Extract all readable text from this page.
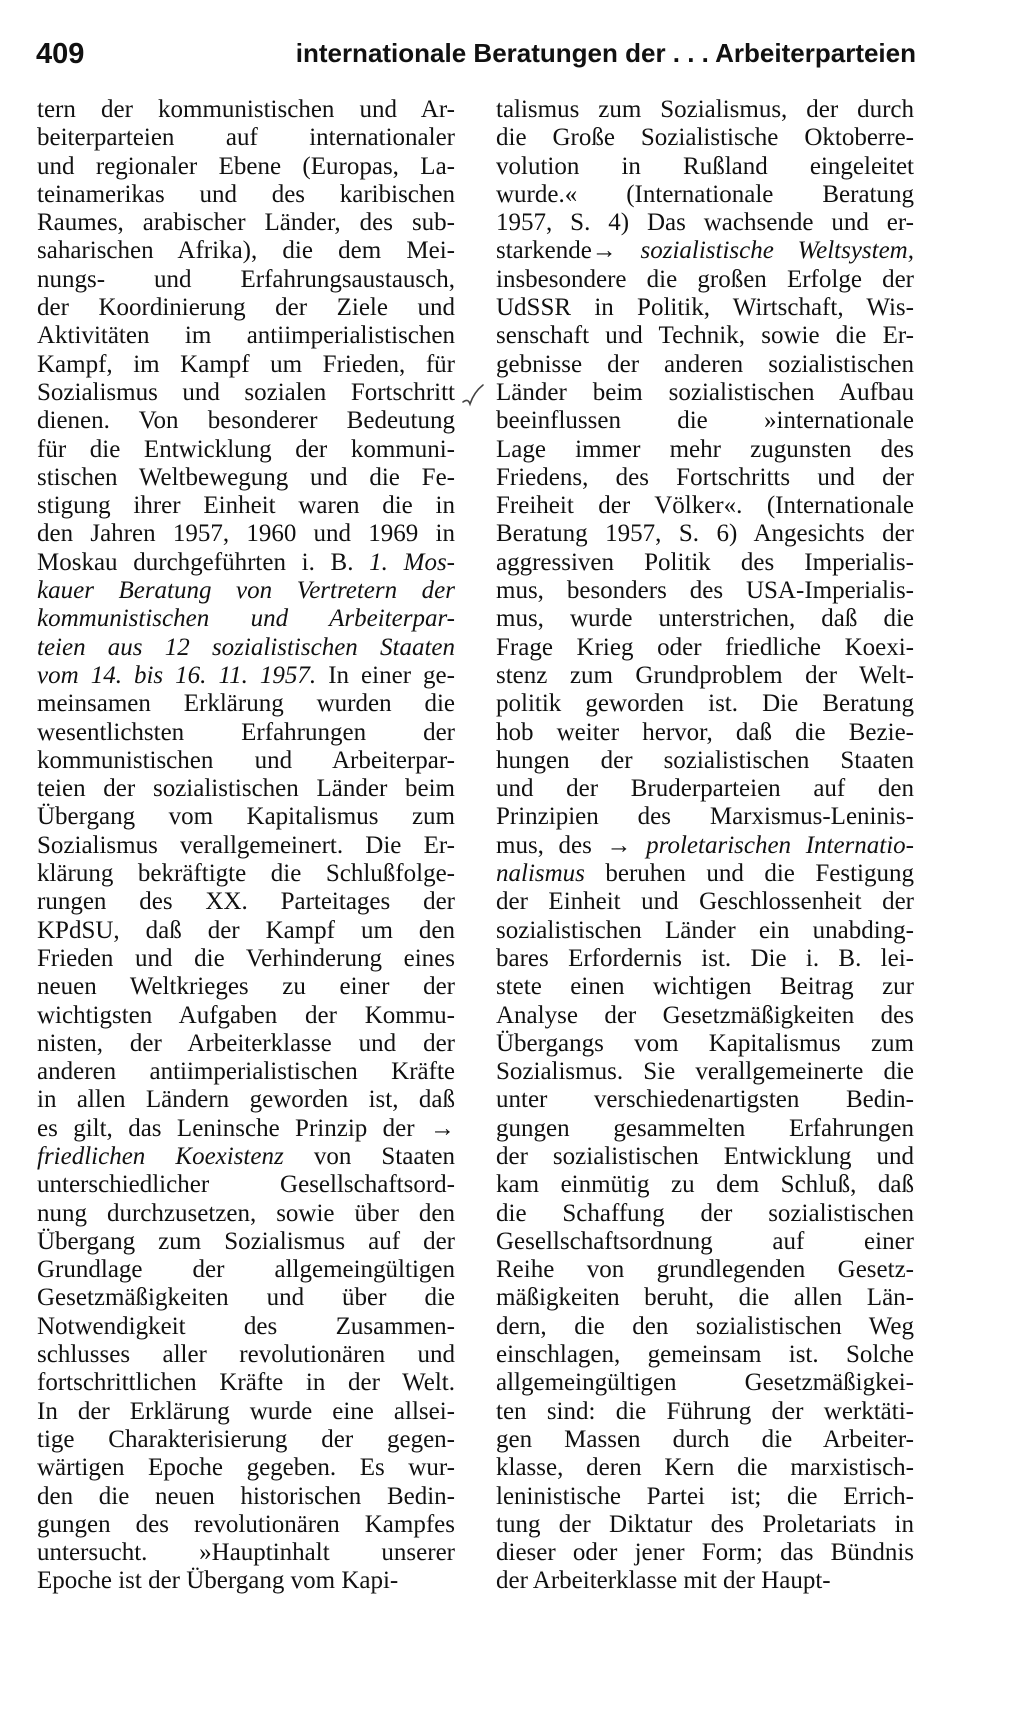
409	internationale Beratungen der . . . Arbeiterparteien
tern der kommunistischen und Ar-
beiterparteien auf internationaler
und regionaler Ebene (Europas, La-
teinamerikas und des karibischen
Raumes, arabischer Länder, des sub-
saharischen Afrika), die dem Mei-
nungs- und Erfahrungsaustausch,
der Koordinierung der Ziele und
Aktivitäten im antiimperialistischen
Kampf, im Kampf um Frieden, für
Sozialismus und sozialen Fortschritt
dienen. Von besonderer Bedeutung
für die Entwicklung der kommuni-
stischen Weltbewegung und die Fe-
stigung ihrer Einheit waren die in
den Jahren 1957, 1960 und 1969 in
Moskau durchgeführten i. B. 1. Mos-
kauer Beratung von Vertretern der
kommunistischen und Arbeiterpar-
teien aus 12 sozialistischen Staaten
vom 14. bis 16. 11. 1957. In einer ge-
meinsamen Erklärung wurden die
wesentlichsten Erfahrungen der
kommunistischen und Arbeiterpar-
teien der sozialistischen Länder beim
Übergang vom Kapitalismus zum
Sozialismus verallgemeinert. Die Er-
klärung bekräftigte die Schlußfolge-
rungen des XX. Parteitages der
KPdSU, daß der Kampf um den
Frieden und die Verhinderung eines
neuen Weltkrieges zu einer der
wichtigsten Aufgaben der Kommu-
nisten, der Arbeiterklasse und der
anderen antiimperialistischen Kräfte
in allen Ländern geworden ist, daß
es gilt, das Leninsche Prinzip der →
friedlichen Koexistenz von Staaten
unterschiedlicher Gesellschaftsord-
nung durchzusetzen, sowie über den
Übergang zum Sozialismus auf der
Grundlage der allgemeingültigen
Gesetzmäßigkeiten und über die
Notwendigkeit des Zusammen-
schlusses aller revolutionären und
fortschrittlichen Kräfte in der Welt.
In der Erklärung wurde eine allsei-
tige Charakterisierung der gegen-
wärtigen Epoche gegeben. Es wur-
den die neuen historischen Bedin-
gungen des revolutionären Kampfes
untersucht. »Hauptinhalt unserer
Epoche ist der Übergang vom Kapi-
talismus zum Sozialismus, der durch
die Große Sozialistische Oktoberre-
volution in Rußland eingeleitet
wurde.« (Internationale Beratung
1957, S. 4) Das wachsende und er-
starkende→ sozialistische Weltsystem,
insbesondere die großen Erfolge der
UdSSR in Politik, Wirtschaft, Wis-
senschaft und Technik, sowie die Er-
gebnisse der anderen sozialistischen
Länder beim sozialistischen Aufbau
beeinflussen die »internationale
Lage immer mehr zugunsten des
Friedens, des Fortschritts und der
Freiheit der Völker«. (Internationale
Beratung 1957, S. 6) Angesichts der
aggressiven Politik des Imperialis-
mus, besonders des USA-Imperialis-
mus, wurde unterstrichen, daß die
Frage Krieg oder friedliche Koexi-
stenz zum Grundproblem der Welt-
politik geworden ist. Die Beratung
hob weiter hervor, daß die Bezie-
hungen der sozialistischen Staaten
und der Bruderparteien auf den
Prinzipien des Marxismus-Leninis-
mus, des → proletarischen Internatio-
nalismus beruhen und die Festigung
der Einheit und Geschlossenheit der
sozialistischen Länder ein unabding-
bares Erfordernis ist. Die i. B. lei-
stete einen wichtigen Beitrag zur
Analyse der Gesetzmäßigkeiten des
Übergangs vom Kapitalismus zum
Sozialismus. Sie verallgemeinerte die
unter verschiedenartigsten Bedin-
gungen gesammelten Erfahrungen
der sozialistischen Entwicklung und
kam einmütig zu dem Schluß, daß
die Schaffung der sozialistischen
Gesellschaftsordnung auf einer
Reihe von grundlegenden Gesetz-
mäßigkeiten beruht, die allen Län-
dern, die den sozialistischen Weg
einschlagen, gemeinsam ist. Solche
allgemeingültigen Gesetzmäßigkei-
ten sind: die Führung der werktäti-
gen Massen durch die Arbeiter-
klasse, deren Kern die marxistisch-
leninistische Partei ist; die Errich-
tung der Diktatur des Proletariats in
dieser oder jener Form; das Bündnis
der Arbeiterklasse mit der Haupt-
